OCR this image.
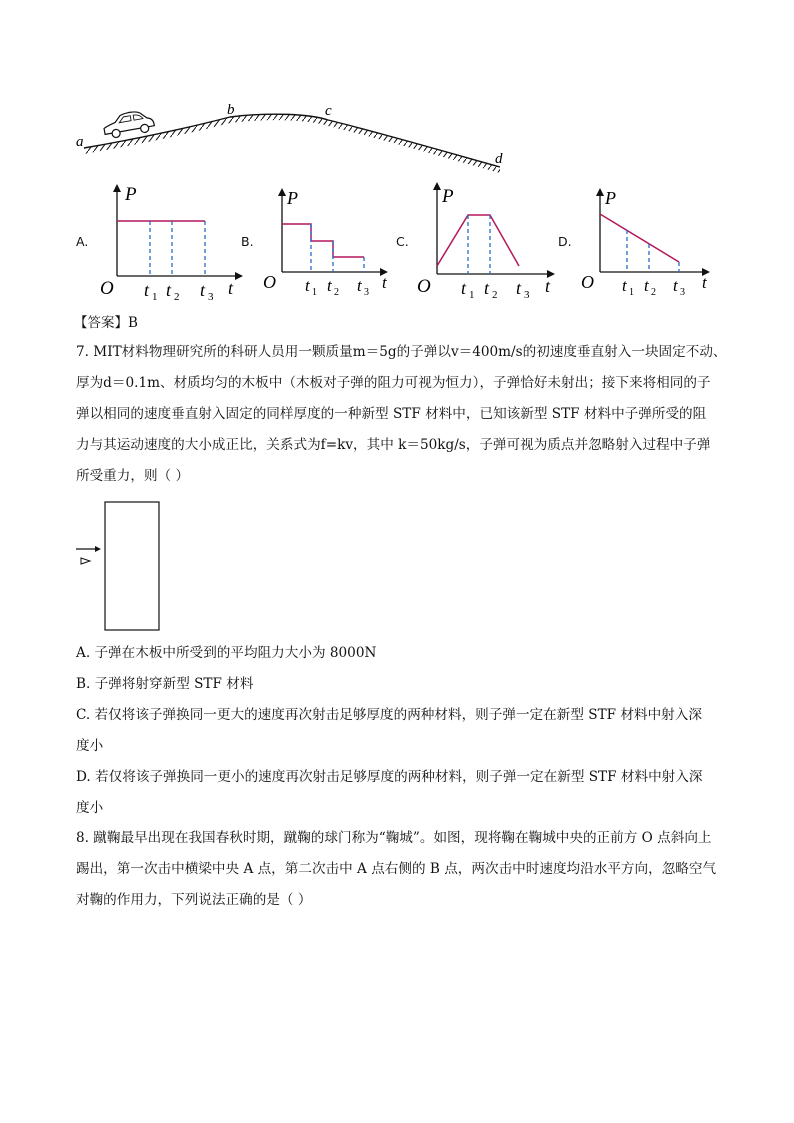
a
b	c
d
A.
P
O t 1 t 2 t 3 t
B.
P
O t 1 t 2 t 3
t
C.
P
O t 1 t 2 t 3 t
D.
P
O t 1 t 2 t 3
t
【答案】B

7. MIT材料物理研究所的科研人员用一颗质量m＝5g的子弹以v＝400m/s的初速度垂直射入一块固定不动、

厚为d＝0.1m、材质均匀的木板中（木板对子弹的阻力可视为恒力），子弹恰好未射出；接下来将相同的子

弹以相同的速度垂直射入固定的同样厚度的一种新型 STF 材料中，已知该新型 STF 材料中子弹所受的阻

力与其运动速度的大小成正比，关系式为f=kv，其中 k＝50kg/s，子弹可视为质点并忽略射入过程中子弹

所受重力，则（ ）

A. 子弹在木板中所受到的平均阻力大小为 8000N

B. 子弹将射穿新型 STF 材料

C. 若仅将该子弹换同一更大的速度再次射击足够厚度的两种材料，则子弹一定在新型 STF 材料中射入深

度小

D. 若仅将该子弹换同一更小的速度再次射击足够厚度的两种材料，则子弹一定在新型 STF 材料中射入深

度小

8. 蹴鞠最早出现在我国春秋时期，蹴鞠的球门称为“鞠城”。如图，现将鞠在鞠城中央的正前方 O 点斜向上

踢出，第一次击中横梁中央 A 点，第二次击中 A 点右侧的 B 点，两次击中时速度均沿水平方向，忽略空气

对鞠的作用力，下列说法正确的是（ ）
